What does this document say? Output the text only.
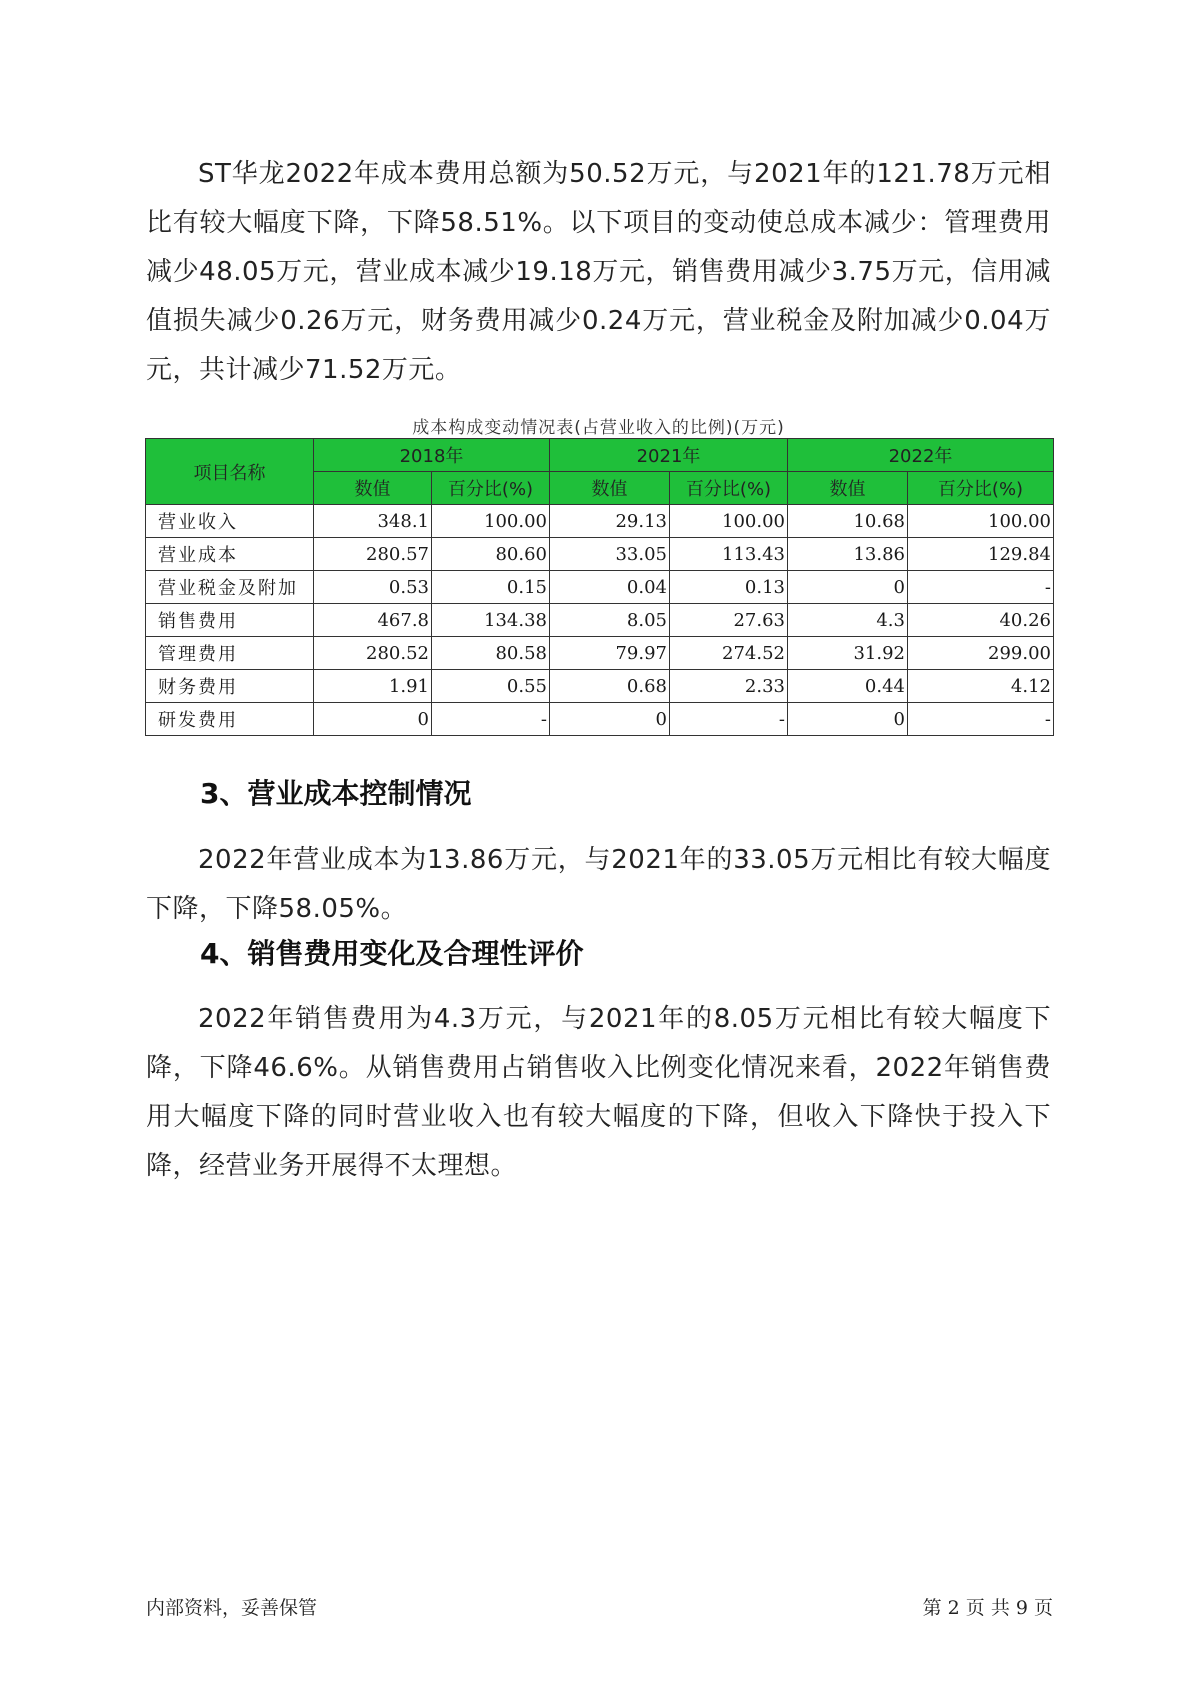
ST华龙2022年成本费用总额为50.52万元，与2021年的121.78万元相比有较大幅度下降，下降58.51%。以下项目的变动使总成本减少：管理费用减少48.05万元，营业成本减少19.18万元，销售费用减少3.75万元，信用减值损失减少0.26万元，财务费用减少0.24万元，营业税金及附加减少0.04万元，共计减少71.52万元。

成本构成变动情况表(占营业收入的比例)(万元)
项目名称	2018年		2021年		2022年	
	数值	百分比(%)	数值	百分比(%)	数值	百分比(%)
营业收入	348.1	100.00	29.13	100.00	10.68	100.00
营业成本	280.57	80.60	33.05	113.43	13.86	129.84
营业税金及附加	0.53	0.15	0.04	0.13	0	-
销售费用	467.8	134.38	8.05	27.63	4.3	40.26
管理费用	280.52	80.58	79.97	274.52	31.92	299.00
财务费用	1.91	0.55	0.68	2.33	0.44	4.12
研发费用	0	-	0	-	0	-
3、营业成本控制情况

2022年营业成本为13.86万元，与2021年的33.05万元相比有较大幅度下降，下降58.05%。

4、销售费用变化及合理性评价

2022年销售费用为4.3万元，与2021年的8.05万元相比有较大幅度下降，下降46.6%。从销售费用占销售收入比例变化情况来看，2022年销售费用大幅度下降的同时营业收入也有较大幅度的下降，但收入下降快于投入下降，经营业务开展得不太理想。

内部资料，妥善保管	第 2 页 共 9 页
